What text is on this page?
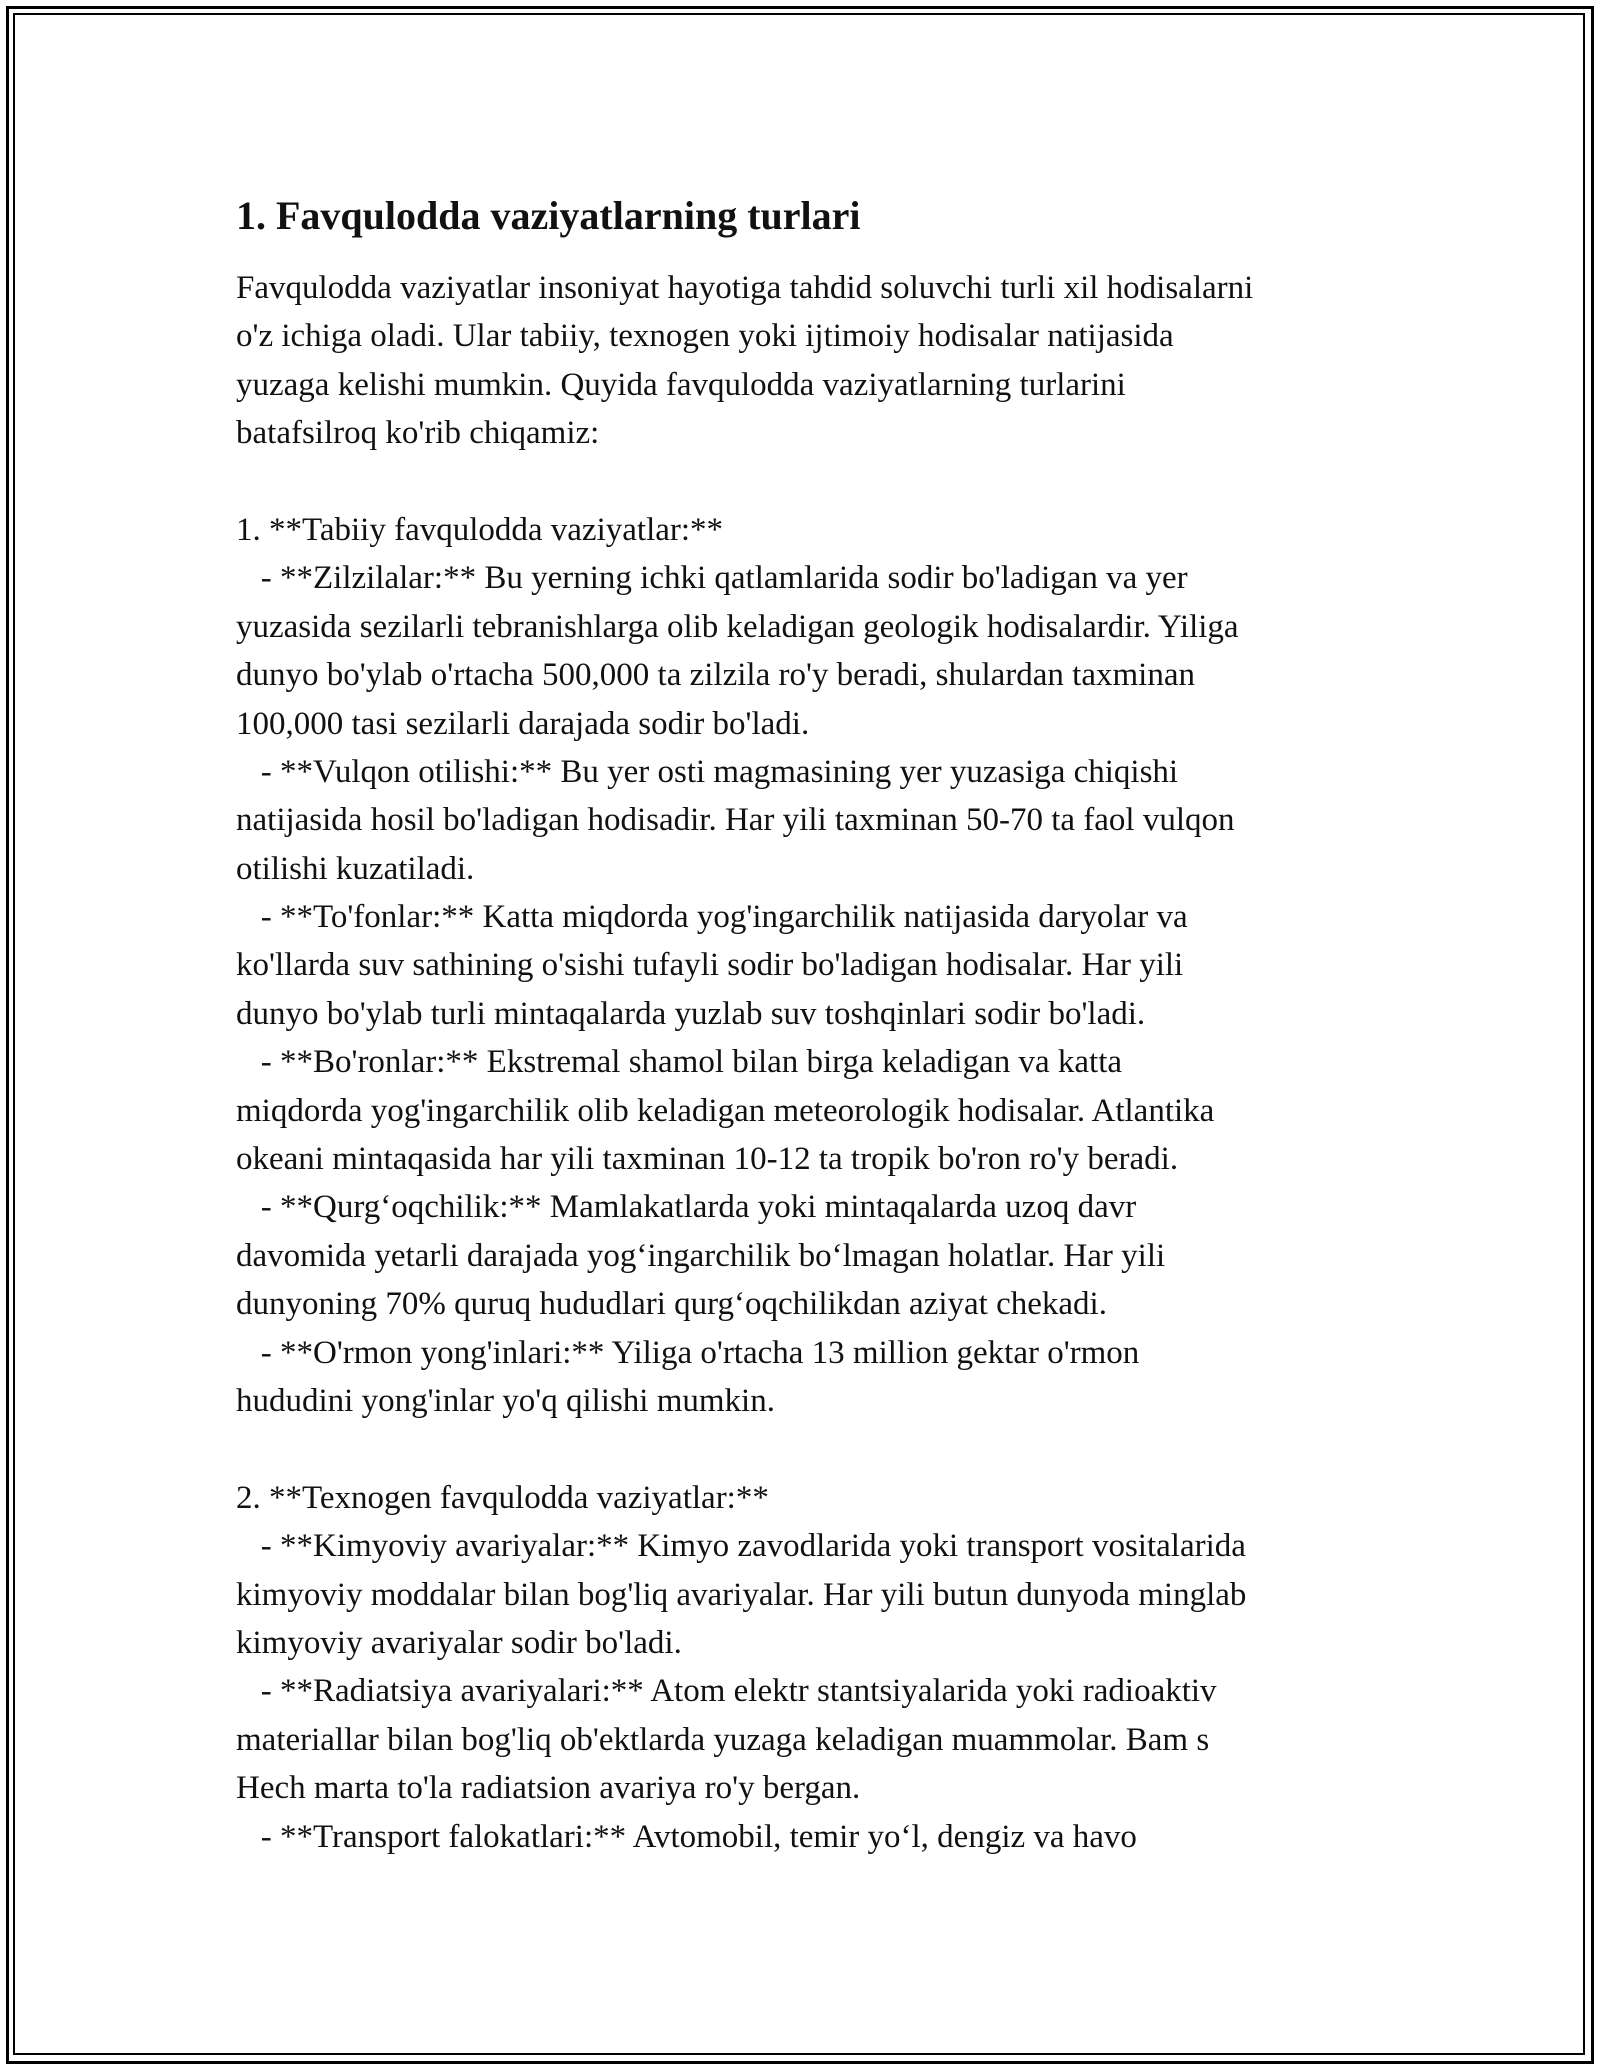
1. Favqulodda vaziyatlarning turlari
Favqulodda vaziyatlar insoniyat hayotiga tahdid soluvchi turli xil hodisalarni
o'z ichiga oladi. Ular tabiiy, texnogen yoki ijtimoiy hodisalar natijasida
yuzaga kelishi mumkin. Quyida favqulodda vaziyatlarning turlarini
batafsilroq ko'rib chiqamiz:
1. **Tabiiy favqulodda vaziyatlar:**
- **Zilzilalar:** Bu yerning ichki qatlamlarida sodir bo'ladigan va yer
yuzasida sezilarli tebranishlarga olib keladigan geologik hodisalardir. Yiliga
dunyo bo'ylab o'rtacha 500,000 ta zilzila ro'y beradi, shulardan taxminan
100,000 tasi sezilarli darajada sodir bo'ladi.
- **Vulqon otilishi:** Bu yer osti magmasining yer yuzasiga chiqishi
natijasida hosil bo'ladigan hodisadir. Har yili taxminan 50-70 ta faol vulqon
otilishi kuzatiladi.
- **To'fonlar:** Katta miqdorda yog'ingarchilik natijasida daryolar va
ko'llarda suv sathining o'sishi tufayli sodir bo'ladigan hodisalar. Har yili
dunyo bo'ylab turli mintaqalarda yuzlab suv toshqinlari sodir bo'ladi.
- **Bo'ronlar:** Ekstremal shamol bilan birga keladigan va katta
miqdorda yog'ingarchilik olib keladigan meteorologik hodisalar. Atlantika
okeani mintaqasida har yili taxminan 10-12 ta tropik bo'ron ro'y beradi.
- **Qurg‘oqchilik:** Mamlakatlarda yoki mintaqalarda uzoq davr
davomida yetarli darajada yog‘ingarchilik bo‘lmagan holatlar. Har yili
dunyoning 70% quruq hududlari qurg‘oqchilikdan aziyat chekadi.
- **O'rmon yong'inlari:** Yiliga o'rtacha 13 million gektar o'rmon
hududini yong'inlar yo'q qilishi mumkin.
2. **Texnogen favqulodda vaziyatlar:**
- **Kimyoviy avariyalar:** Kimyo zavodlarida yoki transport vositalarida
kimyoviy moddalar bilan bog'liq avariyalar. Har yili butun dunyoda minglab
kimyoviy avariyalar sodir bo'ladi.
- **Radiatsiya avariyalari:** Atom elektr stantsiyalarida yoki radioaktiv
materiallar bilan bog'liq ob'ektlarda yuzaga keladigan muammolar. Bam s
Hech marta to'la radiatsion avariya ro'y bergan.
- **Transport falokatlari:** Avtomobil, temir yo‘l, dengiz va havo
